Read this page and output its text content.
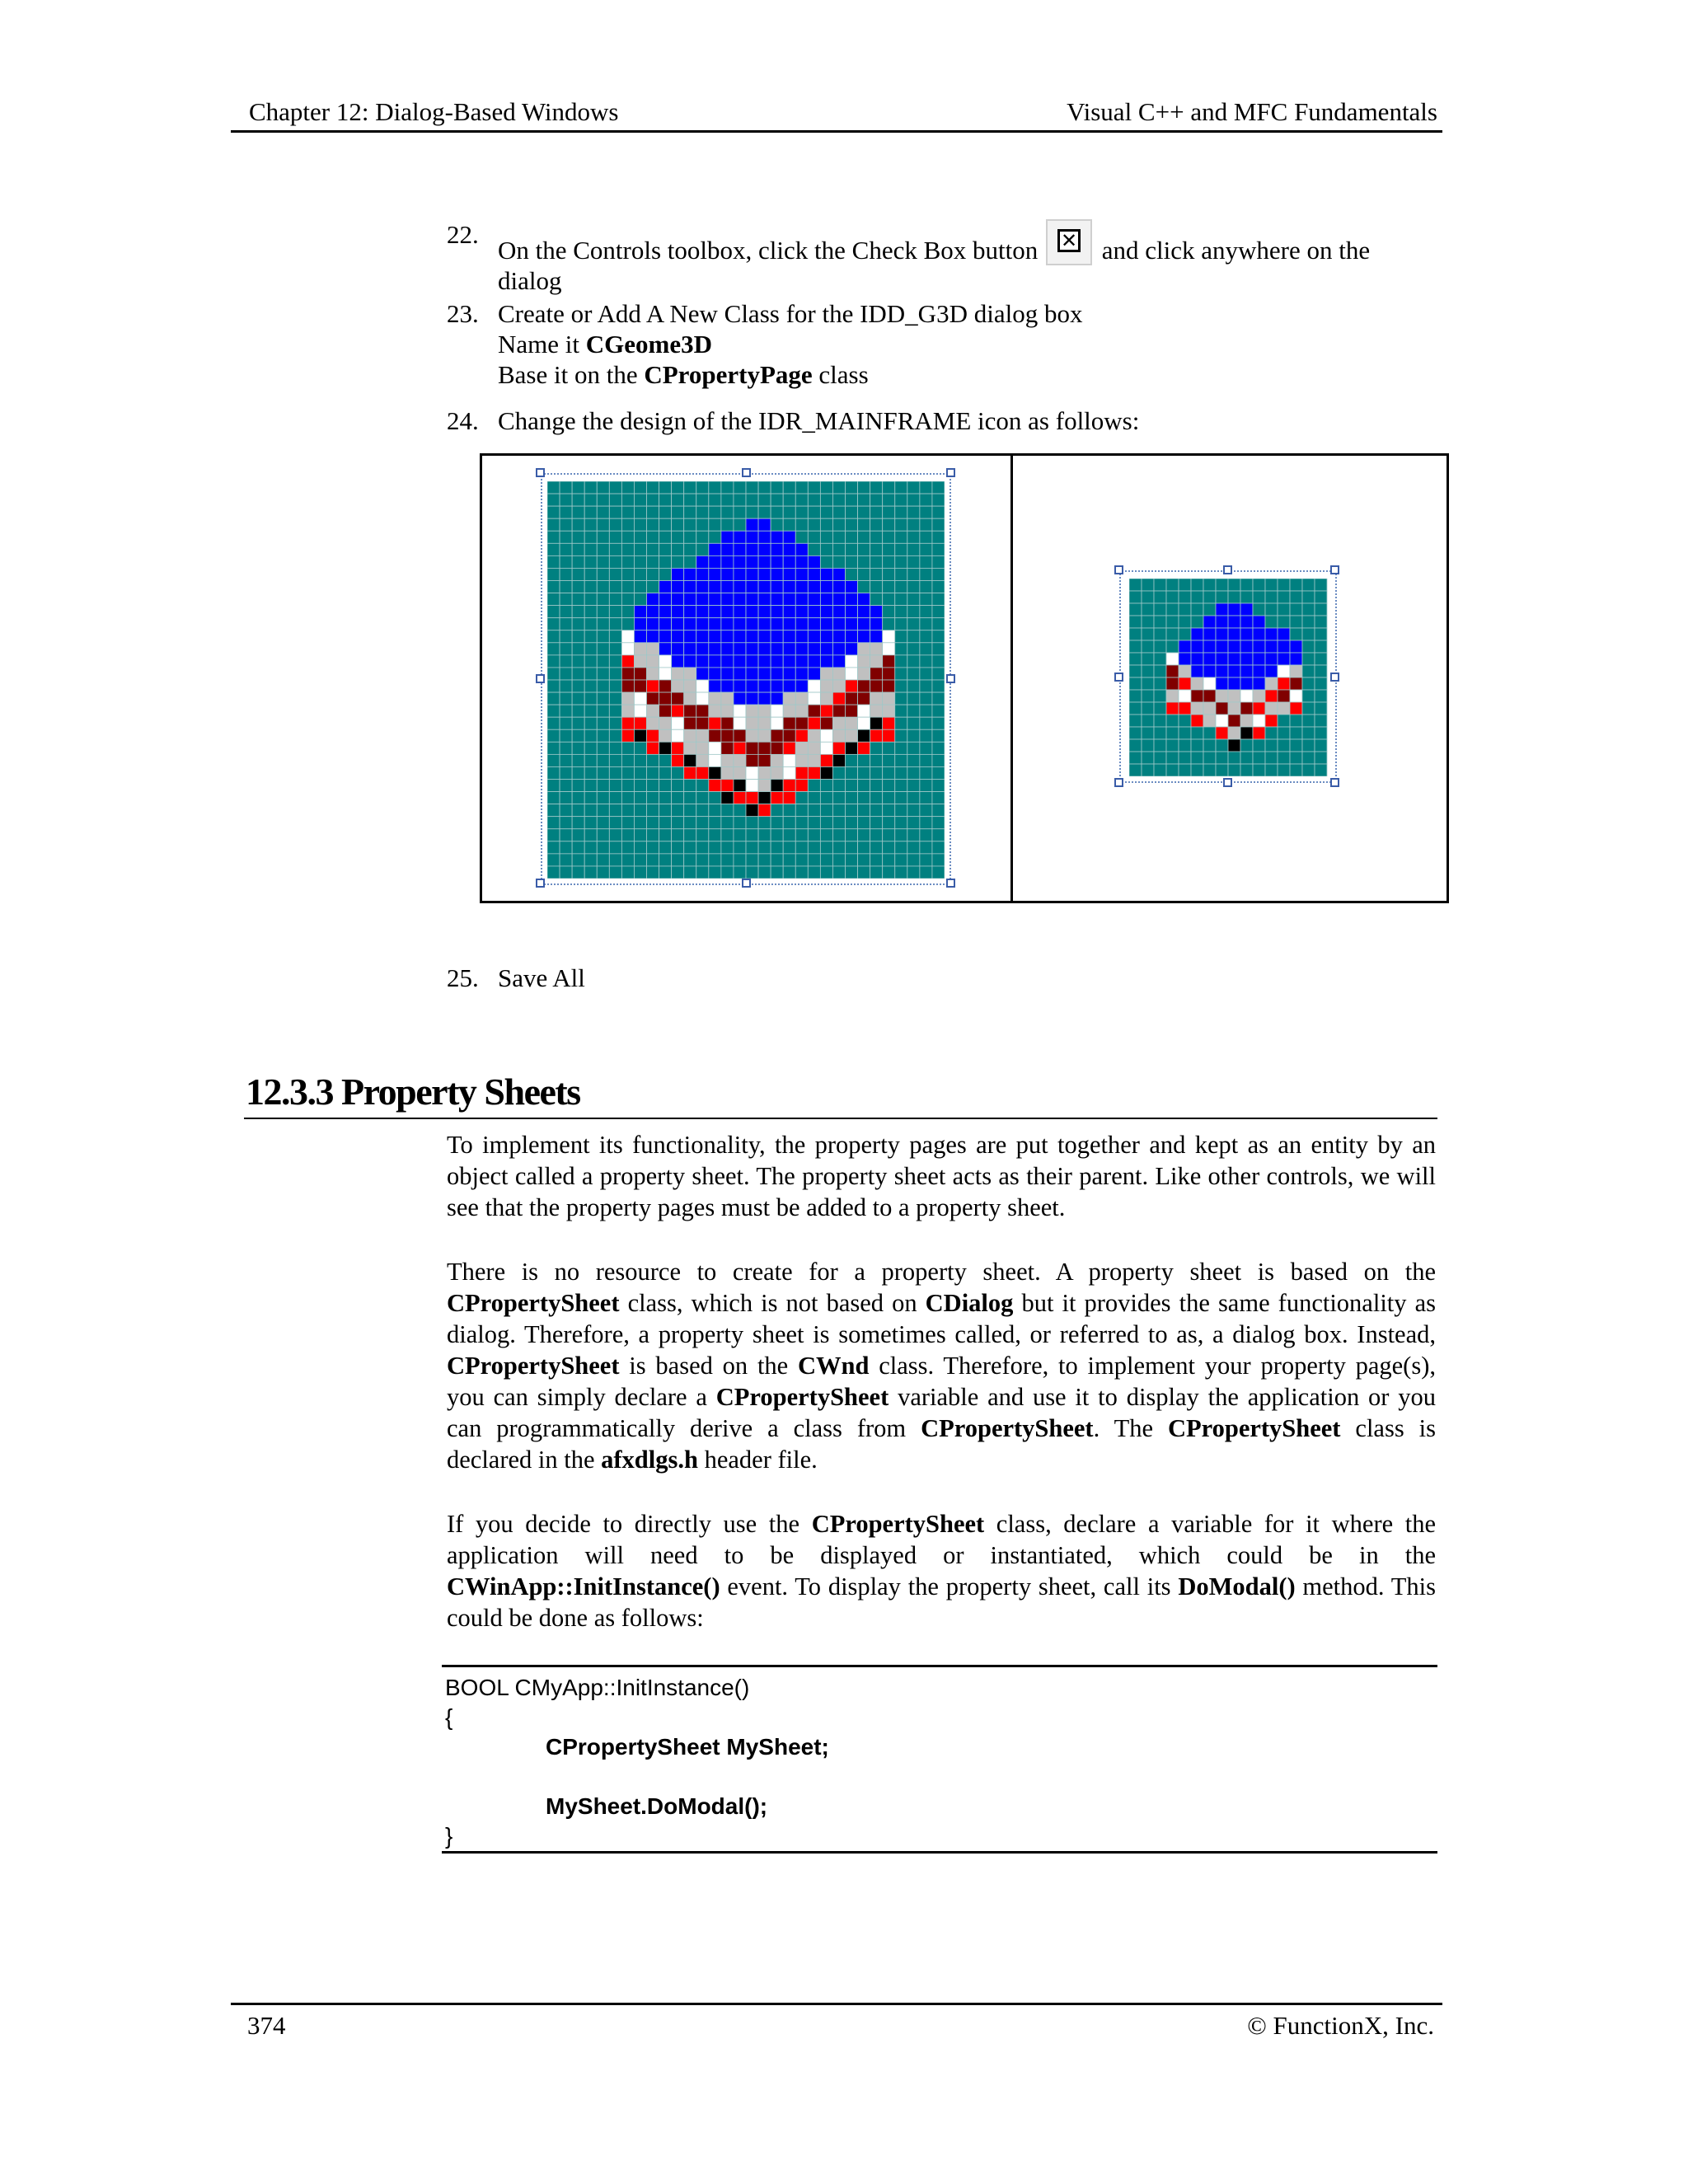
Chapter 12: Dialog-Based Windows	Visual C++ and MFC Fundamentals
22.
On the Controls toolbox, click the Check Box button ✕ and click anywhere on the
dialog
23. Create or Add A New Class for the IDD_G3D dialog box
Name it CGeome3D
Base it on the CPropertyPage class
24. Change the design of the IDR_MAINFRAME icon as follows:
25. Save All
12.3.3 Property Sheets

To implement its functionality, the property pages are put together and kept as an entity by an object called a property sheet. The property sheet acts as their parent. Like other controls, we will see that the property pages must be added to a property sheet.

There is no resource to create for a property sheet. A property sheet is based on the CPropertySheet class, which is not based on CDialog but it provides the same functionality as dialog. Therefore, a property sheet is sometimes called, or referred to as, a dialog box. Instead, CPropertySheet is based on the CWnd class. Therefore, to implement your property page(s), you can simply declare a CPropertySheet variable and use it to display the application or you can programmatically derive a class from CPropertySheet. The CPropertySheet class is declared in the afxdlgs.h header file.

If you decide to directly use the CPropertySheet class, declare a variable for it where the application will need to be displayed or instantiated, which could be in the CWinApp::InitInstance() event. To display the property sheet, call its DoModal() method. This could be done as follows:

BOOL CMyApp::InitInstance()
{
CPropertySheet MySheet;

MySheet.DoModal();
}
374	© FunctionX, Inc.
